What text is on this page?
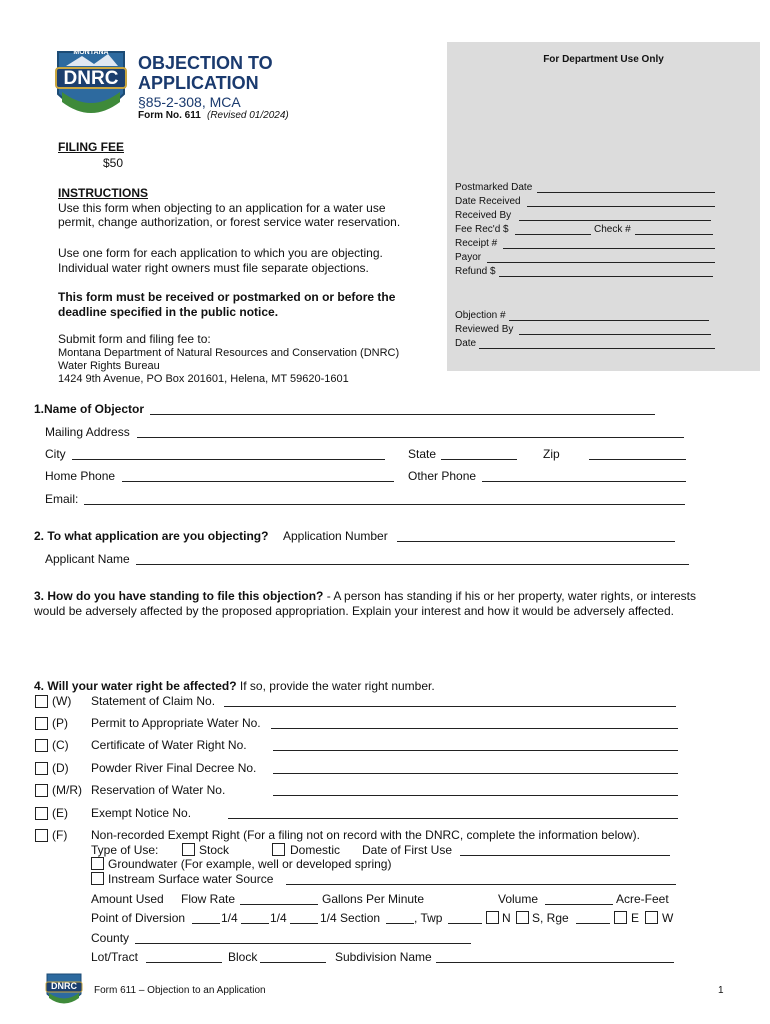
MONTANA
DNRC
OBJECTION TO
APPLICATION
§85-2-308, MCA
Form No. 611 (Revised 01/2024)
FILING FEE
$50
INSTRUCTIONS
Use this form when objecting to an application for a water use
permit, change authorization, or forest service water reservation.
Use one form for each application to which you are objecting.
Individual water right owners must file separate objections.
This form must be received or postmarked on or before the
deadline specified in the public notice.
Submit form and filing fee to:
Montana Department of Natural Resources and Conservation (DNRC)
Water Rights Bureau
1424 9th Avenue, PO Box 201601, Helena, MT 59620-1601
For Department Use Only
Postmarked Date
Date Received
Received By
Fee Rec'd $	Check #
Receipt #
Payor
Refund $
Objection #
Reviewed By
Date
1.Name of Objector
Mailing Address
City	State	Zip
Home Phone	Other Phone
Email:
2. To what application are you objecting? Application Number
Applicant Name
3. How do you have standing to file this objection? - A person has standing if his or her property, water rights, or interests
would be adversely affected by the proposed appropriation. Explain your interest and how it would be adversely affected.
4. Will your water right be affected? If so, provide the water right number.
(W) Statement of Claim No.
(P) Permit to Appropriate Water No.
(C) Certificate of Water Right No.
(D) Powder River Final Decree No.
(M/R) Reservation of Water No.
(E) Exempt Notice No.
(F) Non-recorded Exempt Right (For a filing not on record with the DNRC, complete the information below).
Type of Use:	Stock	Domestic Date of First Use
Groundwater (For example, well or developed spring)
Instream Surface water Source
Amount Used Flow Rate	Gallons Per Minute	Volume	Acre-Feet
Point of Diversion	1/4	1/4	1/4 Section	, Twp	N S, Rge	E W
County
Lot/Tract	Block	Subdivision Name
DNRC	Form 611 – Objection to an Application	1
